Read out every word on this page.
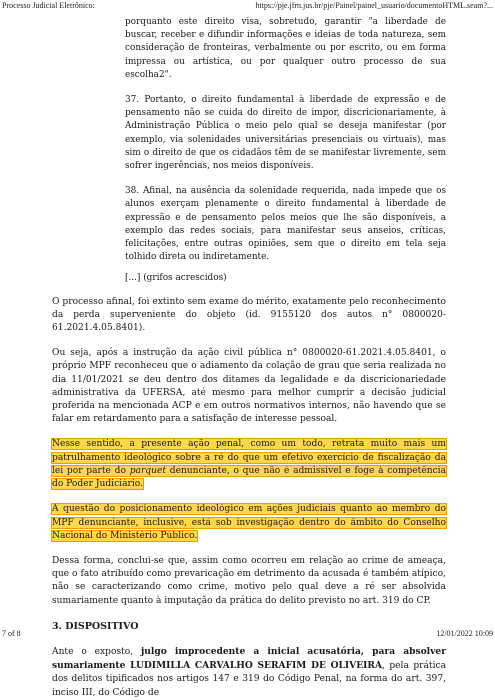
Processo Judicial Eletrônico:	https://pje.jfrn.jus.br/pje/Painel/painel_usuario/documentoHTML.seam?...

porquanto este direito visa, sobretudo, garantir "a liberdade de buscar, receber e difundir informações e ideias de toda natureza, sem consideração de fronteiras, verbalmente ou por escrito, ou em forma impressa ou artística, ou por qualquer outro processo de sua escolha2".

37. Portanto, o direito fundamental à liberdade de expressão e de pensamento não se cuida do direito de impor, discricionariamente, à Administração Pública o meio pelo qual se deseja manifestar (por exemplo, via solenidades universitárias presenciais ou virtuais), mas sim o direito de que os cidadãos têm de se manifestar livremente, sem sofrer ingerências, nos meios disponíveis.

38. Afinal, na ausência da solenidade requerida, nada impede que os alunos exerçam plenamente o direito fundamental à liberdade de expressão e de pensamento pelos meios que lhe são disponíveis, a exemplo das redes sociais, para manifestar seus anseios, críticas, felicitações, entre outras opiniões, sem que o direito em tela seja tolhido direta ou indiretamente.

[...] (grifos acrescidos)

O processo afinal, foi extinto sem exame do mérito, exatamente pelo reconhecimento da perda superveniente do objeto (id. 9155120 dos autos n° 0800020-61.2021.4.05.8401).

Ou seja, após a instrução da ação civil pública n° 0800020-61.2021.4.05.8401, o próprio MPF reconheceu que o adiamento da colação de grau que seria realizada no dia 11/01/2021 se deu dentro dos ditames da legalidade e da discricionariedade administrativa da UFERSA, até mesmo para melhor cumprir a decisão judicial proferida na mencionada ACP e em outros normativos internos, não havendo que se falar em retardamento para a satisfação de interesse pessoal.

Nesse sentido, a presente ação penal, como um todo, retrata muito mais um patrulhamento ideológico sobre a ré do que um efetivo exercício de fiscalização da lei por parte do parquet denunciante, o que não é admissível e foge à competência do Poder Judiciário.

A questão do posicionamento ideológico em ações judiciais quanto ao membro do MPF denunciante, inclusive, está sob investigação dentro do âmbito do Conselho Nacional do Ministério Público.

Dessa forma, conclui-se que, assim como ocorreu em relação ao crime de ameaça, que o fato atribuído como prevaricação em detrimento da acusada é também atípico, não se caracterizando como crime, motivo pelo qual deve a ré ser absolvida sumariamente quanto à imputação da prática do delito previsto no art. 319 do CP.

3. DISPOSITIVO

Ante o exposto, julgo improcedente a inicial acusatória, para absolver sumariamente LUDIMILLA CARVALHO SERAFIM DE OLIVEIRA, pela prática dos delitos tipificados nos artigos 147 e 319 do Código Penal, na forma do art. 397, inciso III, do Código de

7 of 8	12/01/2022 10:09
